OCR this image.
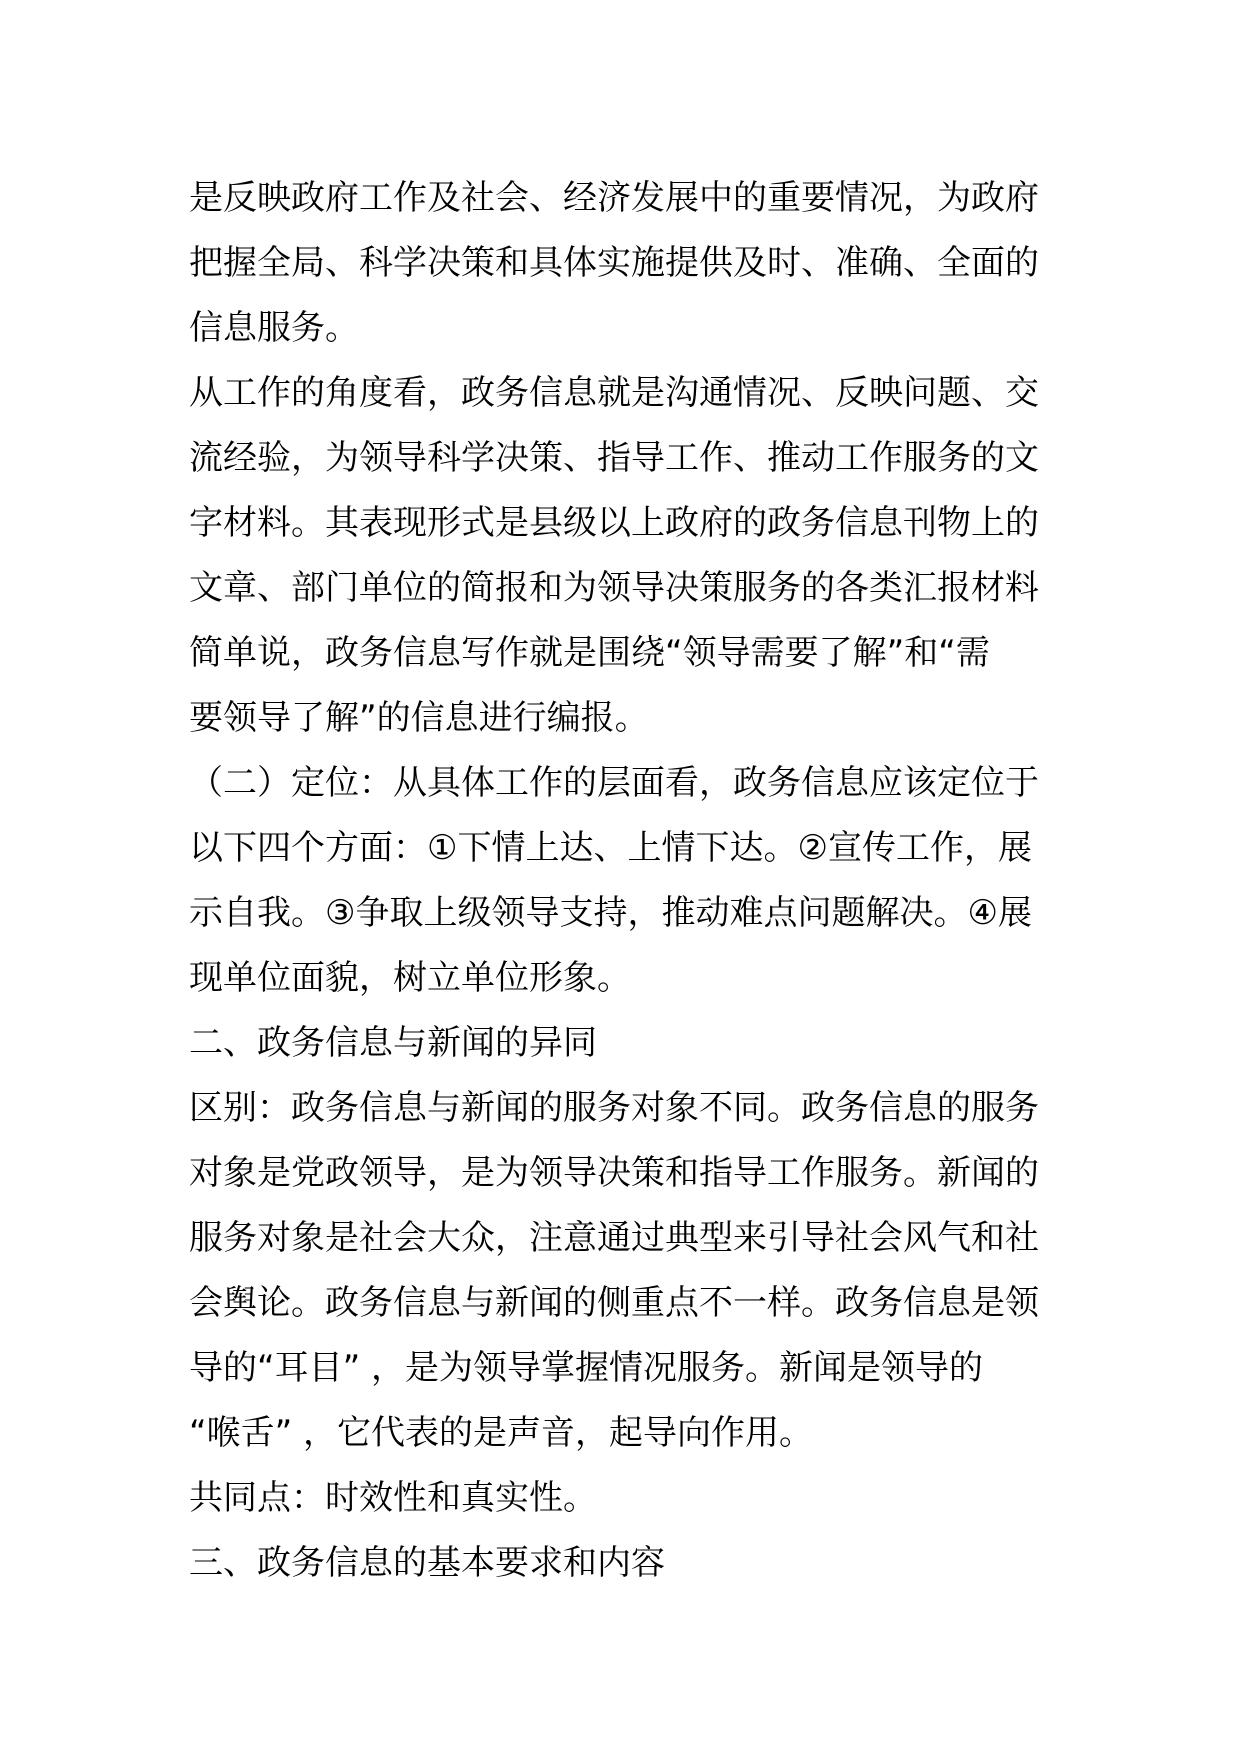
是反映政府工作及社会、经济发展中的重要情况，为政府
把握全局、科学决策和具体实施提供及时、准确、全面的
信息服务。
从工作的角度看，政务信息就是沟通情况、反映问题、交
流经验，为领导科学决策、指导工作、推动工作服务的文
字材料。其表现形式是县级以上政府的政务信息刊物上的
文章、部门单位的简报和为领导决策服务的各类汇报材料
简单说，政务信息写作就是围绕“领导需要了解”和“需
要领导了解”的信息进行编报。
（二）定位：从具体工作的层面看，政务信息应该定位于
以下四个方面：①下情上达、上情下达。②宣传工作，展
示自我。③争取上级领导支持，推动难点问题解决。④展
现单位面貌，树立单位形象。
二、政务信息与新闻的异同
区别：政务信息与新闻的服务对象不同。政务信息的服务
对象是党政领导，是为领导决策和指导工作服务。新闻的
服务对象是社会大众，注意通过典型来引导社会风气和社
会舆论。政务信息与新闻的侧重点不一样。政务信息是领
导的“耳目” ，是为领导掌握情况服务。新闻是领导的
“喉舌” ，它代表的是声音，起导向作用。
共同点：时效性和真实性。
三、政务信息的基本要求和内容
